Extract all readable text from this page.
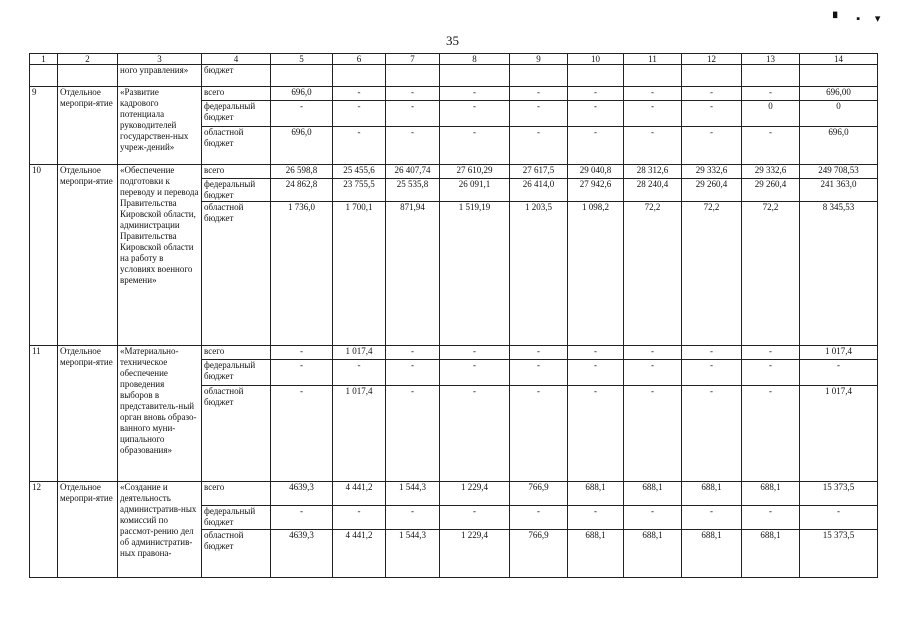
▘ ▪ ▾
35
1	2	3	4	5	6	7	8	9	10	11	12	13	14
		ного управления»	бюджет										
9	Отдельное меропри-ятие	«Развитие кадрового потенциала руководителей государствен-ных учреж-дений»	всего	696,0	-	-	-	-	-	-	-	-	696,00
			федеральный бюджет	-	-	-	-	-	-	-	-	0	0
			областной бюджет	696,0	-	-	-	-	-	-	-	-	696,0
10	Отдельное меропри-ятие	«Обеспечение подготовки к переводу и перевода Правительства Кировской области, администрации Правительства Кировской области на работу в условиях военного времени»	всего	26 598,8	25 455,6	26 407,74	27 610,29	27 617,5	29 040,8	28 312,6	29 332,6	29 332,6	249 708,53
			федеральный бюджет	24 862,8	23 755,5	25 535,8	26 091,1	26 414,0	27 942,6	28 240,4	29 260,4	29 260,4	241 363,0
			областной бюджет	1 736,0	1 700,1	871,94	1 519,19	1 203,5	1 098,2	72,2	72,2	72,2	8 345,53
11	Отдельное меропри-ятие	«Материально-техническое обеспечение проведения выборов в представитель-ный орган вновь образо-ванного муни-ципального образования»	всего	-	1 017,4	-	-	-	-	-	-	-	1 017,4
			федеральный бюджет	-	-	-	-	-	-	-	-	-	-
			областной бюджет	-	1 017,4	-	-	-	-	-	-	-	1 017,4
12	Отдельное меропри-ятие	«Создание и деятельность административ-ных комиссий по рассмот-рению дел об административ-ных правона-	всего	4639,3	4 441,2	1 544,3	1 229,4	766,9	688,1	688,1	688,1	688,1	15 373,5
			федеральный бюджет	-	-	-	-	-	-	-	-	-	-
			областной бюджет	4639,3	4 441,2	1 544,3	1 229,4	766,9	688,1	688,1	688,1	688,1	15 373,5
